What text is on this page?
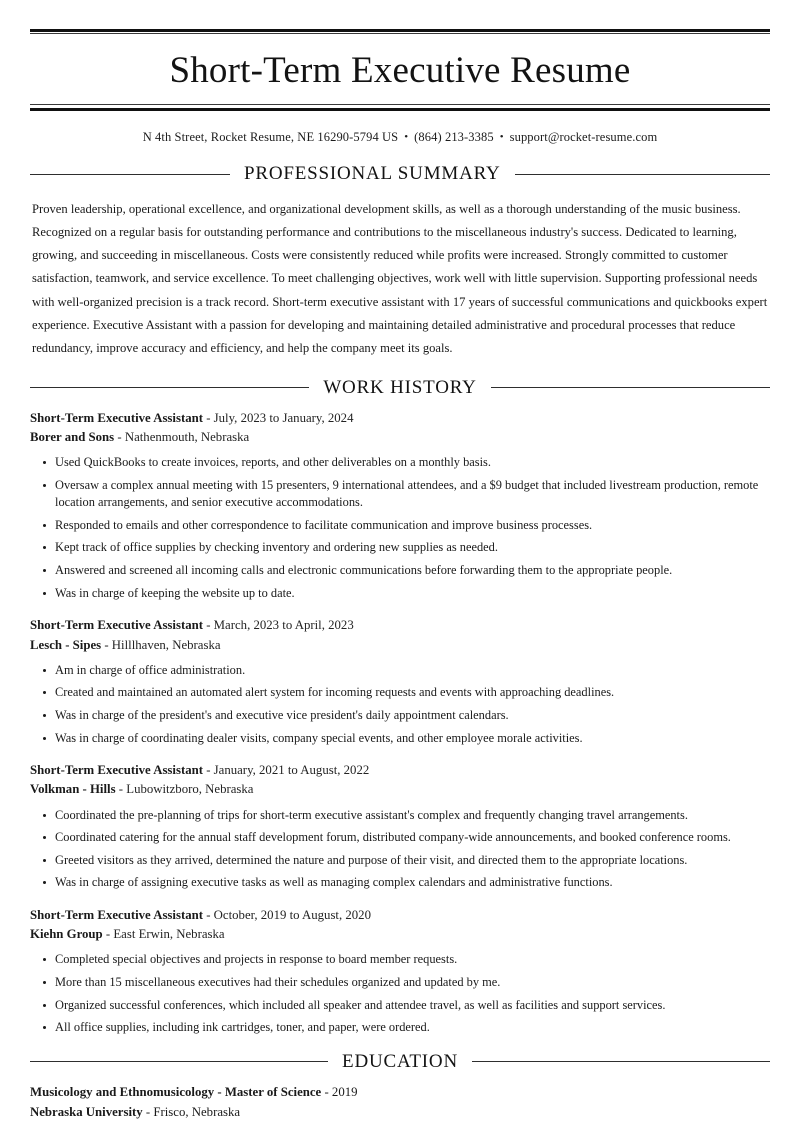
Short-Term Executive Resume
N 4th Street, Rocket Resume, NE 16290-5794 US • (864) 213-3385 • support@rocket-resume.com
PROFESSIONAL SUMMARY

Proven leadership, operational excellence, and organizational development skills, as well as a thorough understanding of the music business. Recognized on a regular basis for outstanding performance and contributions to the miscellaneous industry's success. Dedicated to learning, growing, and succeeding in miscellaneous. Costs were consistently reduced while profits were increased. Strongly committed to customer satisfaction, teamwork, and service excellence. To meet challenging objectives, work well with little supervision. Supporting professional needs with well-organized precision is a track record. Short-term executive assistant with 17 years of successful communications and quickbooks expert experience. Executive Assistant with a passion for developing and maintaining detailed administrative and procedural processes that reduce redundancy, improve accuracy and efficiency, and help the company meet its goals.

WORK HISTORY
Short-Term Executive Assistant - July, 2023 to January, 2024
Borer and Sons - Nathenmouth, Nebraska
Used QuickBooks to create invoices, reports, and other deliverables on a monthly basis.
Oversaw a complex annual meeting with 15 presenters, 9 international attendees, and a $9 budget that included livestream production, remote location arrangements, and senior executive accommodations.
Responded to emails and other correspondence to facilitate communication and improve business processes.
Kept track of office supplies by checking inventory and ordering new supplies as needed.
Answered and screened all incoming calls and electronic communications before forwarding them to the appropriate people.
Was in charge of keeping the website up to date.
Short-Term Executive Assistant - March, 2023 to April, 2023
Lesch - Sipes - Hilllhaven, Nebraska
Am in charge of office administration.
Created and maintained an automated alert system for incoming requests and events with approaching deadlines.
Was in charge of the president's and executive vice president's daily appointment calendars.
Was in charge of coordinating dealer visits, company special events, and other employee morale activities.
Short-Term Executive Assistant - January, 2021 to August, 2022
Volkman - Hills - Lubowitzboro, Nebraska
Coordinated the pre-planning of trips for short-term executive assistant's complex and frequently changing travel arrangements.
Coordinated catering for the annual staff development forum, distributed company-wide announcements, and booked conference rooms.
Greeted visitors as they arrived, determined the nature and purpose of their visit, and directed them to the appropriate locations.
Was in charge of assigning executive tasks as well as managing complex calendars and administrative functions.
Short-Term Executive Assistant - October, 2019 to August, 2020
Kiehn Group - East Erwin, Nebraska
Completed special objectives and projects in response to board member requests.
More than 15 miscellaneous executives had their schedules organized and updated by me.
Organized successful conferences, which included all speaker and attendee travel, as well as facilities and support services.
All office supplies, including ink cartridges, toner, and paper, were ordered.
EDUCATION
Musicology and Ethnomusicology - Master of Science - 2019
Nebraska University - Frisco, Nebraska
